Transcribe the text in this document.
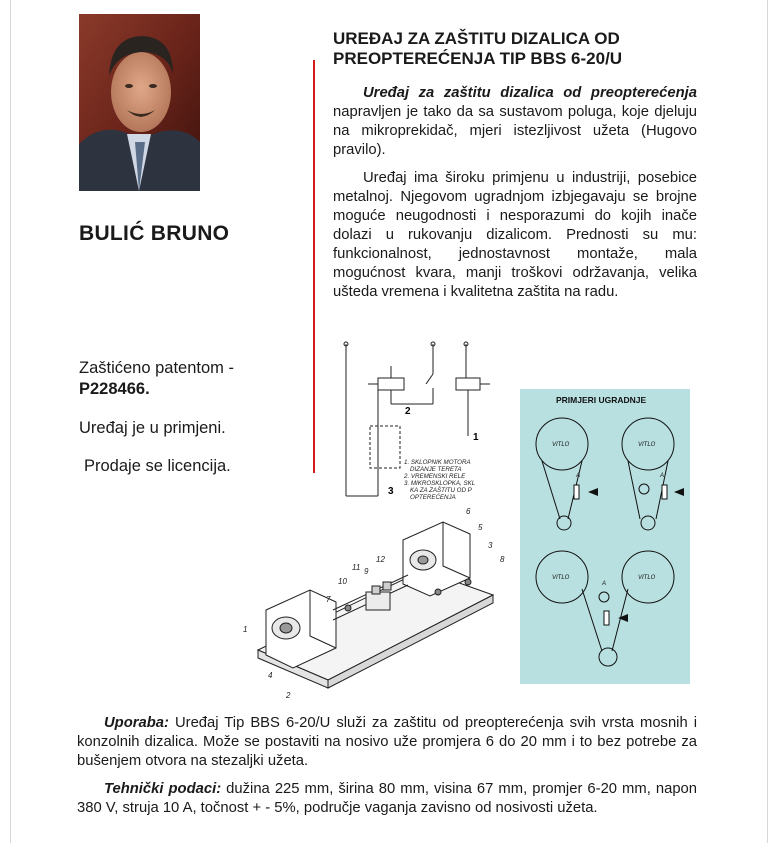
BULIĆ BRUNO
Zaštićeno patentom -
P228466.
Uređaj je u primjeni.
Prodaje se licencija.
UREĐAJ ZA ZAŠTITU DIZALICA OD
PREOPTEREĆENJA TIP BBS 6-20/U

Uređaj za zaštitu dizalica od preopterećenja napravljen je tako da sa sustavom poluga, koje djeluju na mikroprekidač, mjeri istezljivost užeta (Hugovo pravilo).

Uređaj ima široku primjenu u industriji, posebice metalnoj. Njegovom ugradnjom izbjegavaju se brojne moguće neugodnosti i nesporazumi do kojih inače dolazi u rukovanju dizalicom. Prednosti su mu: funkcionalnost, jednostavnost montaže, mala mogućnost kvara, manji troškovi održavanja, velika ušteda vremena i kvalitetna zaštita na radu.

2
1
3
1. SKLOPNIK MOTORA
DIZANJE TERETA
2. VREMENSKI RELE
3. MIKROSKLOPKA, SKL
KA ZA ZAŠTITU OD P
OPTEREĆENJA
1
2
3
4
5
6
7
8
9
10
11
12
PRIMJERI UGRADNJE
VITLO	VITLO
VITLO	VITLO
A	A
A

Uporaba: Uređaj Tip BBS 6-20/U služi za zaštitu od preopterećenja svih vrsta mosnih i konzolnih dizalica. Može se postaviti na nosivo uže promjera 6 do 20 mm i to bez potrebe za bušenjem otvora na stezaljki užeta.

Tehnički podaci: dužina 225 mm, širina 80 mm, visina 67 mm, promjer 6-20 mm, napon 380 V, struja 10 A, točnost + - 5%, područje vaganja zavisno od nosivosti užeta.
